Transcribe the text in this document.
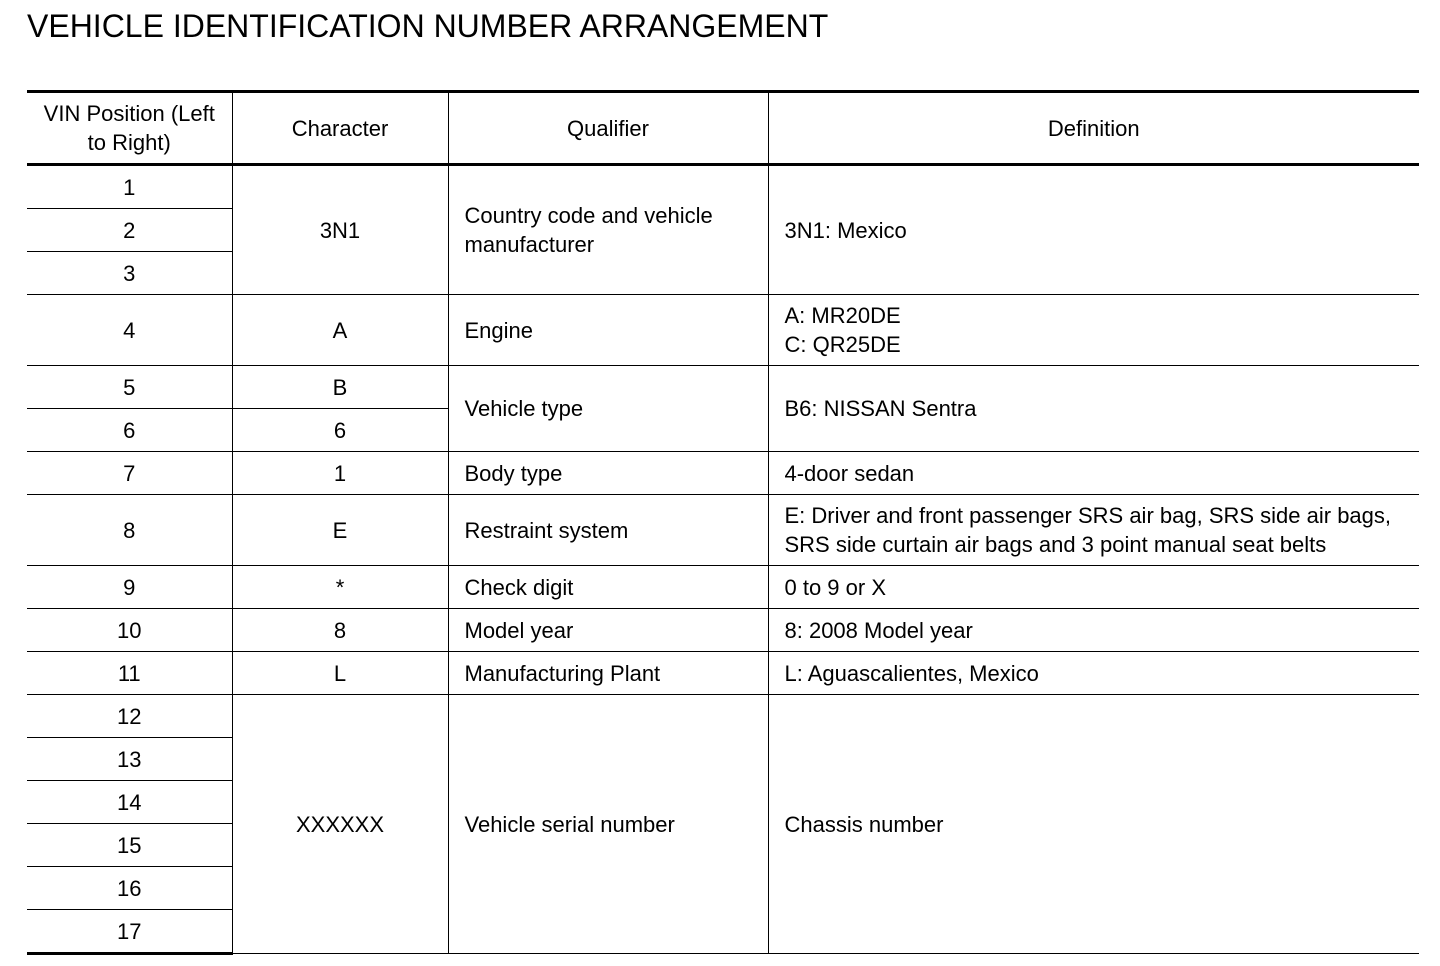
VEHICLE IDENTIFICATION NUMBER ARRANGEMENT
VIN Position (Left to Right)	Character	Qualifier	Definition
1	3N1	Country code and vehicle manufacturer	3N1: Mexico
2			
3			
4	A	Engine	A: MR20DE
C: QR25DE

5	B	Vehicle type	B6: NISSAN Sentra
6	6		
7	1	Body type	4-door sedan
8	E	Restraint system	E: Driver and front passenger SRS air bag, SRS side air bags, SRS side curtain air bags and 3 point manual seat belts
9	*	Check digit	0 to 9 or X
10	8	Model year	8: 2008 Model year
11	L	Manufacturing Plant	L: Aguascalientes, Mexico
12	XXXXXX	Vehicle serial number	Chassis number
13			
14			
15			
16			
17			
